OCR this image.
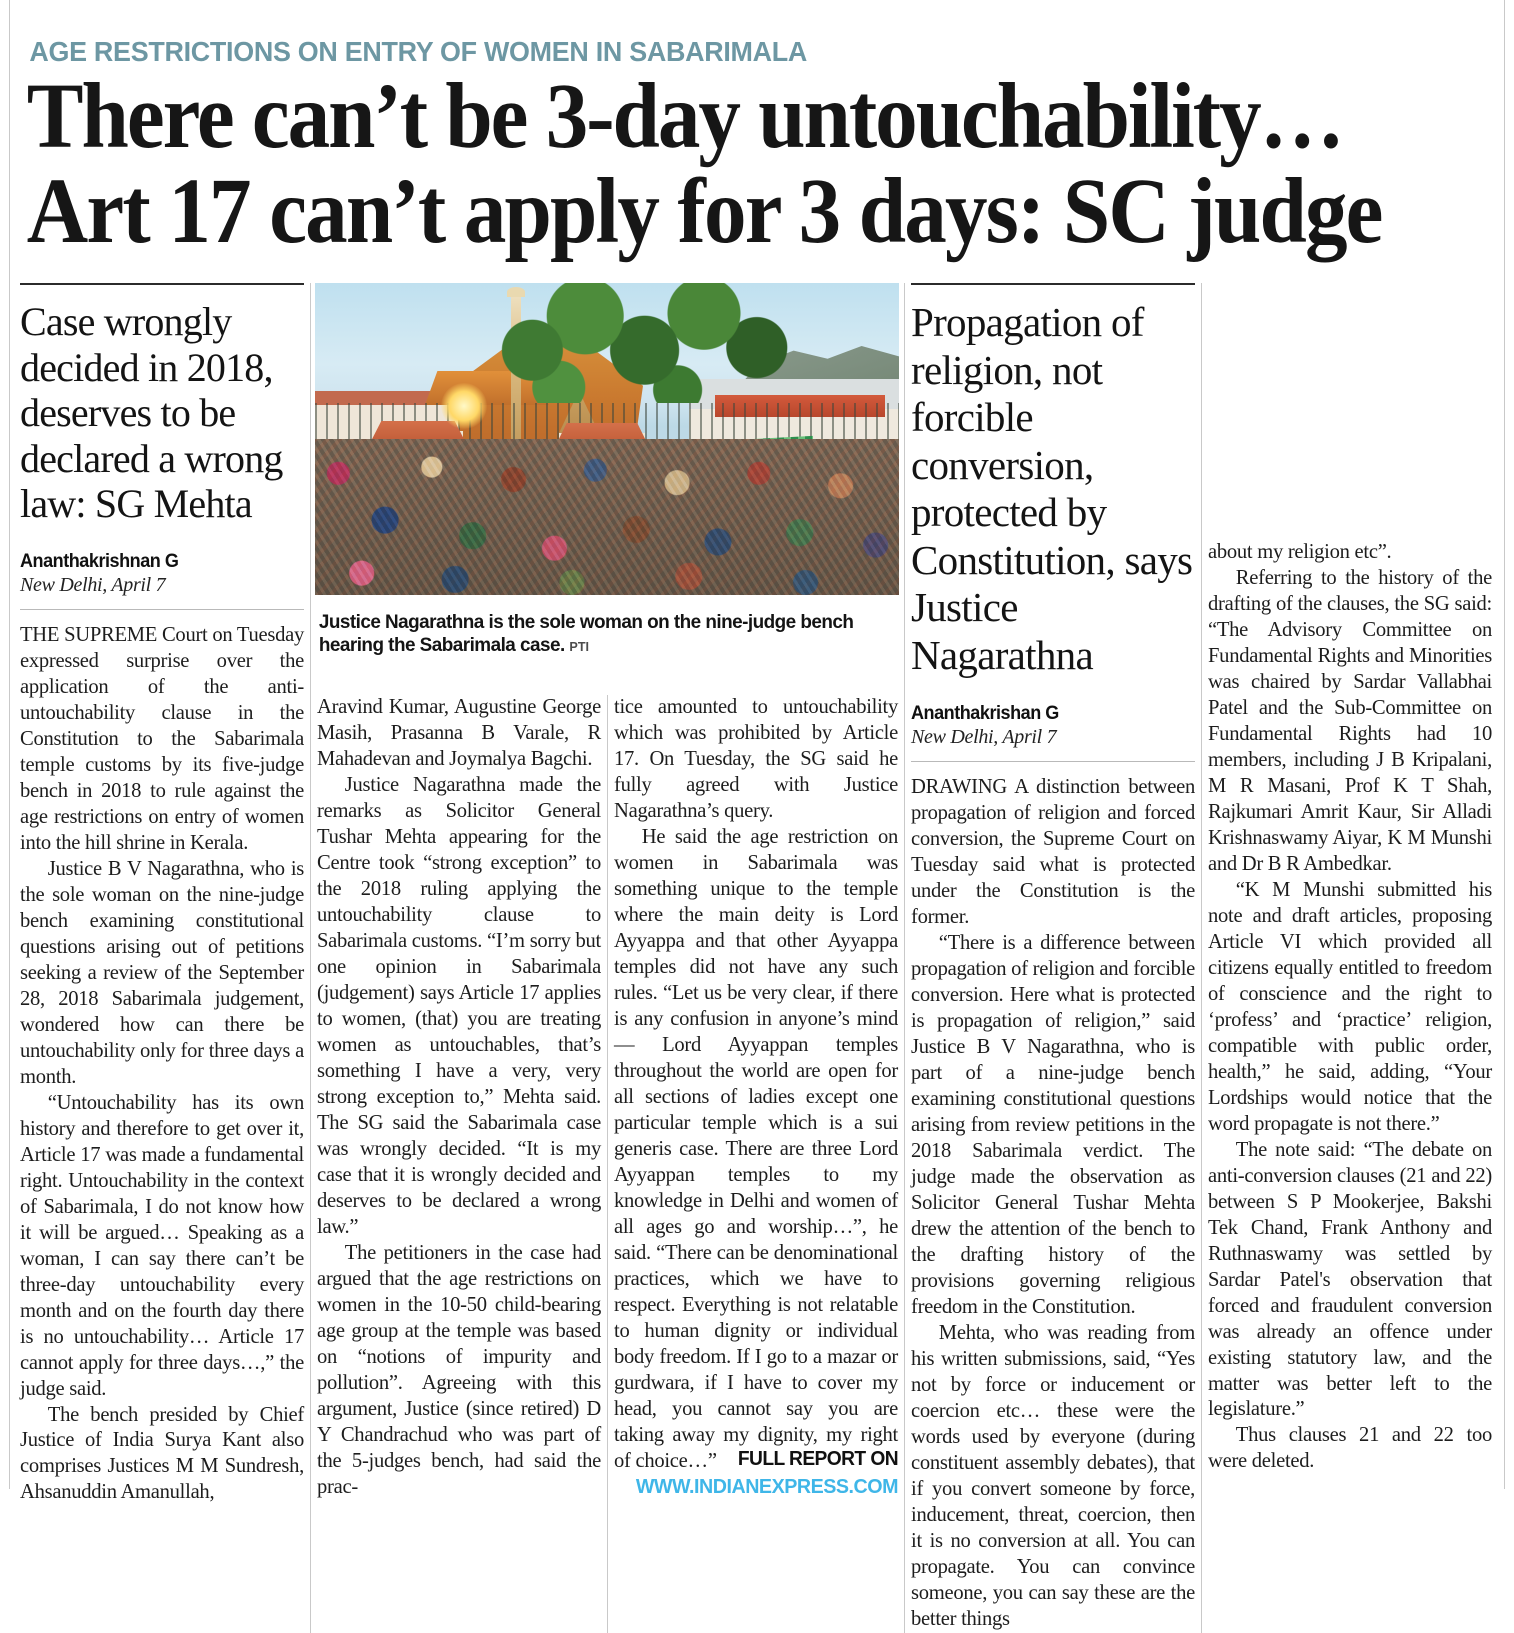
AGE RESTRICTIONS ON ENTRY OF WOMEN IN SABARIMALA
There can’t be 3-day untouchability…
Art 17 can’t apply for 3 days: SC judge
Case wrongly decided in 2018, deserves to be declared a wrong law: SG Mehta
Ananthakrishnan G
New Delhi, April 7

THE SUPREME Court on Tuesday expressed surprise over the application of the anti-untouchability clause in the Constitution to the Sabarimala temple customs by its five-judge bench in 2018 to rule against the age restrictions on entry of women into the hill shrine in Kerala.

Justice B V Nagarathna, who is the sole woman on the nine-judge bench examining constitutional questions arising out of petitions seeking a review of the September 28, 2018 Sabarimala judgement, wondered how can there be untouchability only for three days a month.

“Untouchability has its own history and therefore to get over it, Article 17 was made a fundamental right. Untouchability in the context of Sabarimala, I do not know how it will be argued… Speaking as a woman, I can say there can’t be three-day untouchability every month and on the fourth day there is no untouchability… Article 17 cannot apply for three days…,” the judge said.

The bench presided by Chief Justice of India Surya Kant also comprises Justices M M Sundresh, Ahsanuddin Amanullah,

Justice Nagarathna is the sole woman on the nine-judge bench hearing the Sabarimala case. PTI

Aravind Kumar, Augustine George Masih, Prasanna B Varale, R Mahadevan and Joymalya Bagchi.

Justice Nagarathna made the remarks as Solicitor General Tushar Mehta appearing for the Centre took “strong exception” to the 2018 ruling applying the untouchability clause to Sabarimala customs. “I’m sorry but one opinion in Sabarimala (judgement) says Article 17 applies to women, (that) you are treating women as untouchables, that’s something I have a very, very strong exception to,” Mehta said. The SG said the Sabarimala case was wrongly decided. “It is my case that it is wrongly decided and deserves to be declared a wrong law.”

The petitioners in the case had argued that the age restrictions on women in the 10-50 child-bearing age group at the temple was based on “notions of impurity and pollution”. Agreeing with this argument, Justice (since retired) D Y Chandrachud who was part of the 5-judges bench, had said the prac-

tice amounted to untouchability which was prohibited by Article 17. On Tuesday, the SG said he fully agreed with Justice Nagarathna’s query.

He said the age restriction on women in Sabarimala was something unique to the temple where the main deity is Lord Ayyappa and that other Ayyappa temples did not have any such rules. “Let us be very clear, if there is any confusion in anyone’s mind — Lord Ayyappan temples throughout the world are open for all sections of ladies except one particular temple which is a sui generis case. There are three Lord Ayyappan temples to my knowledge in Delhi and women of all ages go and worship…”, he said. “There can be denominational practices, which we have to respect. Everything is not relatable to human dignity or individual body freedom. If I go to a mazar or gurdwara, if I have to cover my head, you cannot say you are taking away my dignity, my right of choice…”	FULL REPORT ON
WWW.INDIANEXPRESS.COM
Propagation of religion, not forcible conversion, protected by Constitution, says Justice Nagarathna
Ananthakrishan G
New Delhi, April 7

DRAWING A distinction between propagation of religion and forced conversion, the Supreme Court on Tuesday said what is protected under the Constitution is the former.

“There is a difference between propagation of religion and forcible conversion. Here what is protected is propagation of religion,” said Justice B V Nagarathna, who is part of a nine-judge bench examining constitutional questions arising from review petitions in the 2018 Sabarimala verdict. The judge made the observation as Solicitor General Tushar Mehta drew the attention of the bench to the drafting history of the provisions governing religious freedom in the Constitution.

Mehta, who was reading from his written submissions, said, “Yes not by force or inducement or coercion etc… these were the words used by everyone (during constituent assembly debates), that if you convert someone by force, inducement, threat, coercion, then it is no conversion at all. You can propagate. You can convince someone, you can say these are the better things

about my religion etc”.

Referring to the history of the drafting of the clauses, the SG said: “The Advisory Committee on Fundamental Rights and Minorities was chaired by Sardar Vallabhai Patel and the Sub-Committee on Fundamental Rights had 10 members, including J B Kripalani, M R Masani, Prof K T Shah, Rajkumari Amrit Kaur, Sir Alladi Krishnaswamy Aiyar, K M Munshi and Dr B R Ambedkar.

“K M Munshi submitted his note and draft articles, proposing Article VI which provided all citizens equally entitled to freedom of conscience and the right to ‘profess’ and ‘practice’ religion, compatible with public order, health,” he said, adding, “Your Lordships would notice that the word propagate is not there.”

The note said: “The debate on anti-conversion clauses (21 and 22) between S P Mookerjee, Bakshi Tek Chand, Frank Anthony and Ruthnaswamy was settled by Sardar Patel's observation that forced and fraudulent conversion was already an offence under existing statutory law, and the matter was better left to the legislature.”

Thus clauses 21 and 22 too were deleted.
